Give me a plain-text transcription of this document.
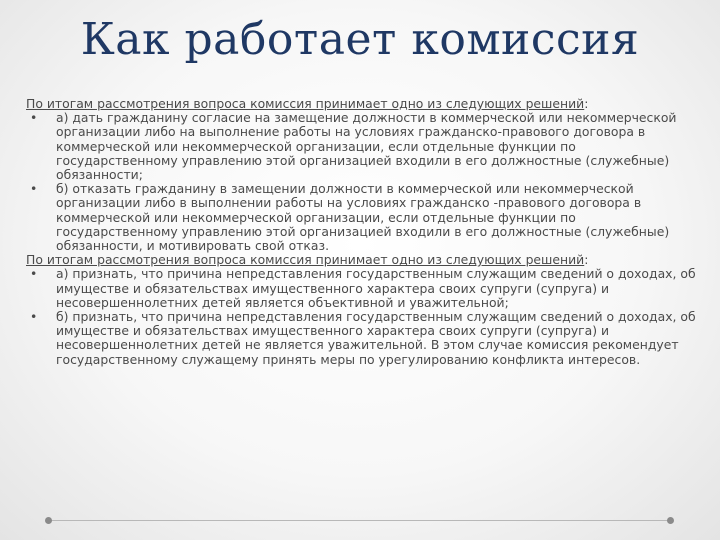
Как работает комиссия

По итогам рассмотрения вопроса комиссия принимает одно из следующих решений:

•	а) дать гражданину согласие на замещение должности в коммерческой или некоммерческой организации либо на выполнение работы на условиях гражданско-правового договора в коммерческой или некоммерческой организации, если отдельные функции по государственному управлению этой организацией входили в его должностные (служебные) обязанности;
•	б) отказать гражданину в замещении должности в коммерческой или некоммерческой организации либо в выполнении работы на условиях гражданско -правового договора в коммерческой или некоммерческой организации, если отдельные функции по государственному управлению этой организацией входили в его должностные (служебные) обязанности, и мотивировать свой отказ.

По итогам рассмотрения вопроса комиссия принимает одно из следующих решений:

•	а) признать, что причина непредставления государственным служащим сведений о доходах, об имуществе и обязательствах имущественного характера своих супруги (супруга) и несовершеннолетних детей является объективной и уважительной;
•	б) признать, что причина непредставления государственным служащим сведений о доходах, об имуществе и обязательствах имущественного характера своих супруги (супруга) и несовершеннолетних детей не является уважительной. В этом случае комиссия рекомендует государственному служащему принять меры по урегулированию конфликта интересов.
